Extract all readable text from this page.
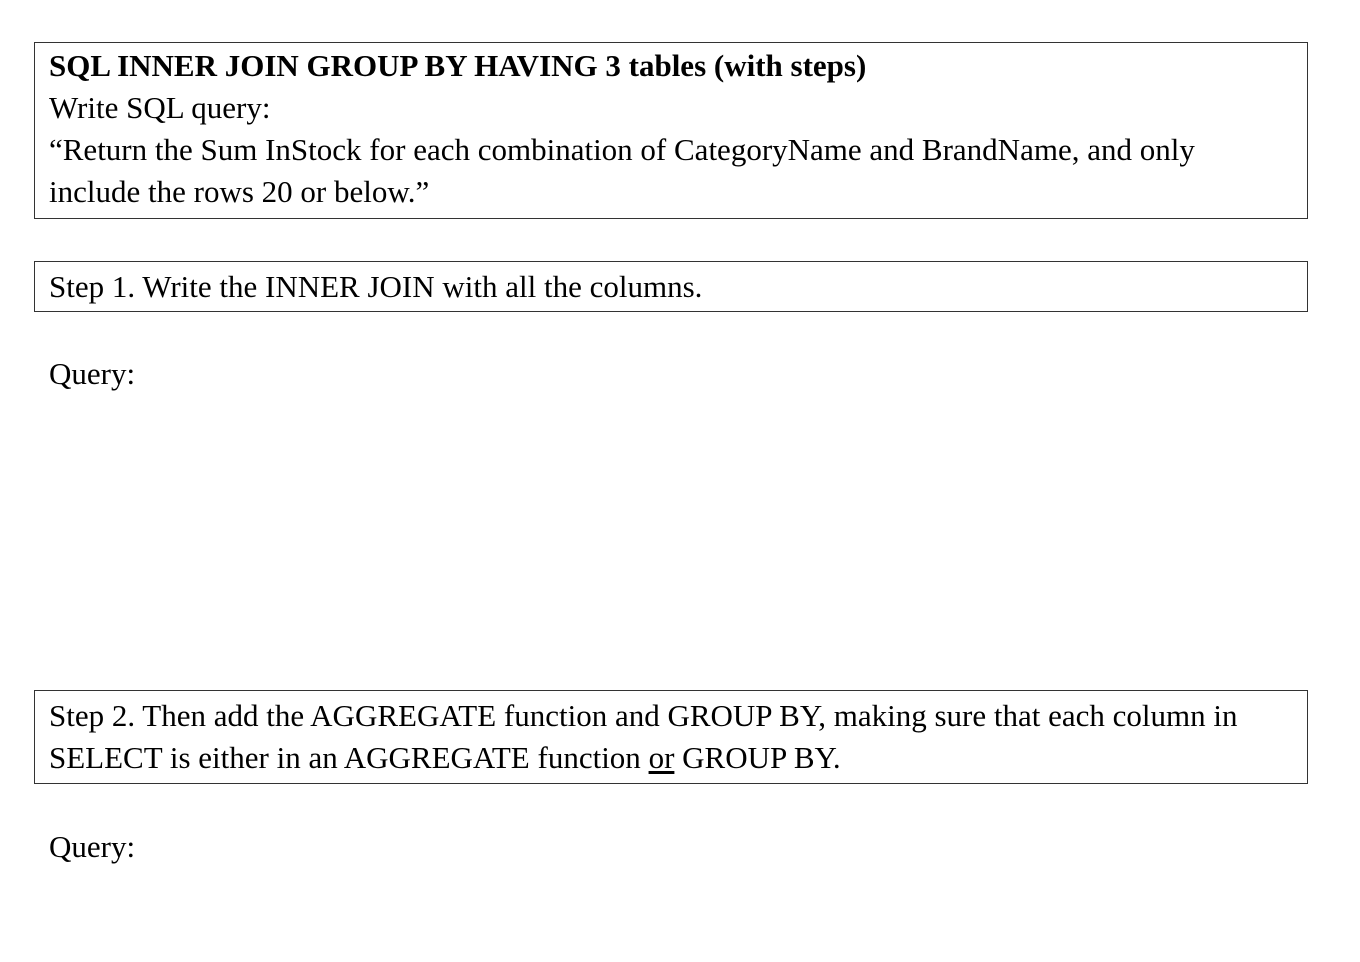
SQL INNER JOIN GROUP BY HAVING 3 tables (with steps)
Write SQL query:
“Return the Sum InStock for each combination of CategoryName and BrandName, and only
include the rows 20 or below.”
Step 1. Write the INNER JOIN with all the columns.
Query:
Step 2. Then add the AGGREGATE function and GROUP BY, making sure that each column in
SELECT is either in an AGGREGATE function or GROUP BY.
Query:
